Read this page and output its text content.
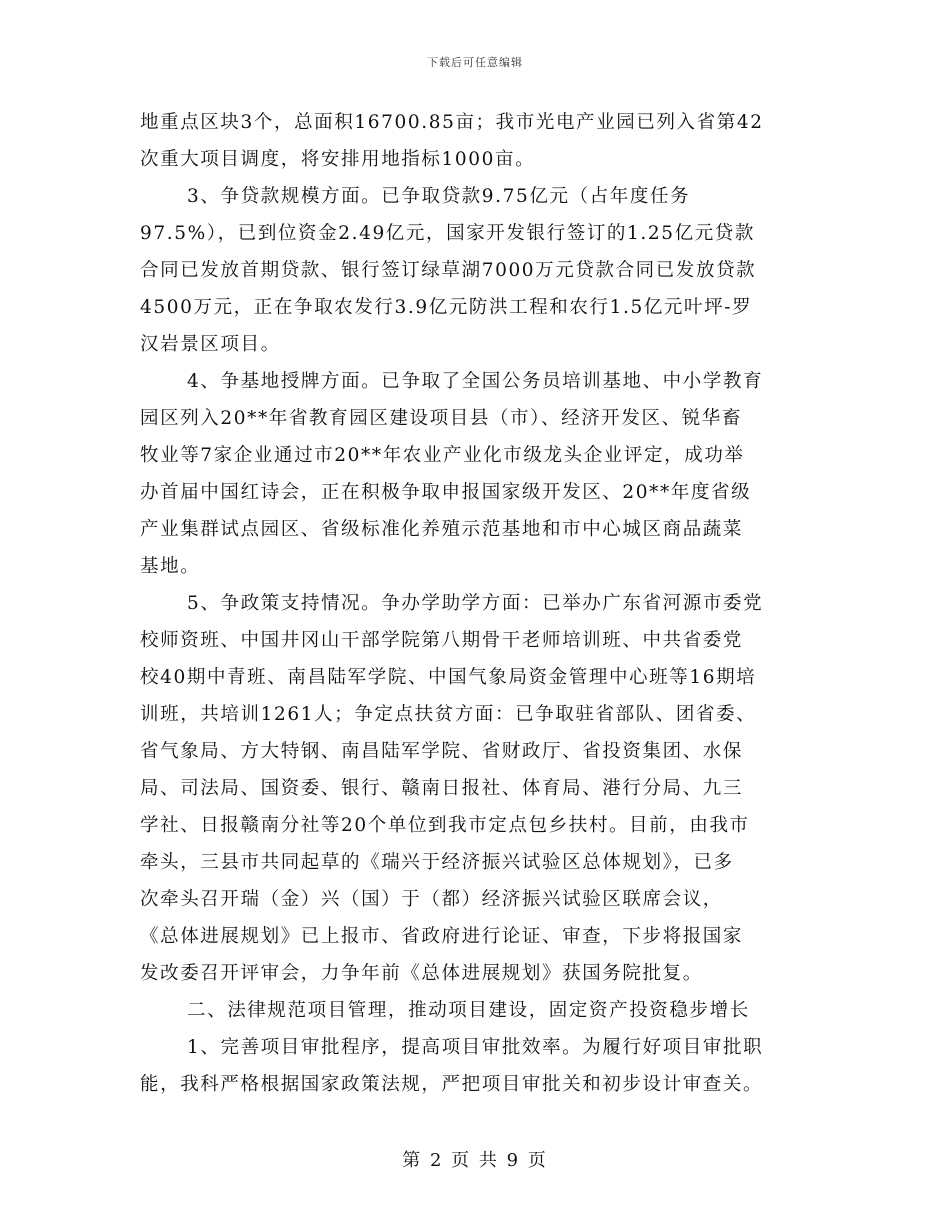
下载后可任意编辑
地重点区块3个，总面积16700.85亩；我市光电产业园已列入省第42
次重大项目调度，将安排用地指标1000亩。
3、争贷款规模方面。已争取贷款9.75亿元（占年度任务
97.5%），已到位资金2.49亿元，国家开发银行签订的1.25亿元贷款
合同已发放首期贷款、银行签订绿草湖7000万元贷款合同已发放贷款
4500万元，正在争取农发行3.9亿元防洪工程和农行1.5亿元叶坪-罗
汉岩景区项目。
4、争基地授牌方面。已争取了全国公务员培训基地、中小学教育
园区列入20**年省教育园区建设项目县（市）、经济开发区、锐华畜
牧业等7家企业通过市20**年农业产业化市级龙头企业评定，成功举
办首届中国红诗会，正在积极争取申报国家级开发区、20**年度省级
产业集群试点园区、省级标准化养殖示范基地和市中心城区商品蔬菜
基地。
5、争政策支持情况。争办学助学方面：已举办广东省河源市委党
校师资班、中国井冈山干部学院第八期骨干老师培训班、中共省委党
校40期中青班、南昌陆军学院、中国气象局资金管理中心班等16期培
训班，共培训1261人；争定点扶贫方面：已争取驻省部队、团省委、
省气象局、方大特钢、南昌陆军学院、省财政厅、省投资集团、水保
局、司法局、国资委、银行、赣南日报社、体育局、港行分局、九三
学社、日报赣南分社等20个单位到我市定点包乡扶村。目前，由我市
牵头，三县市共同起草的《瑞兴于经济振兴试验区总体规划》，已多
次牵头召开瑞（金）兴（国）于（都）经济振兴试验区联席会议，
《总体进展规划》已上报市、省政府进行论证、审查，下步将报国家
发改委召开评审会，力争年前《总体进展规划》获国务院批复。
二、法律规范项目管理，推动项目建设，固定资产投资稳步增长
1、完善项目审批程序，提高项目审批效率。为履行好项目审批职
能，我科严格根据国家政策法规，严把项目审批关和初步设计审查关。
第 2 页 共 9 页
